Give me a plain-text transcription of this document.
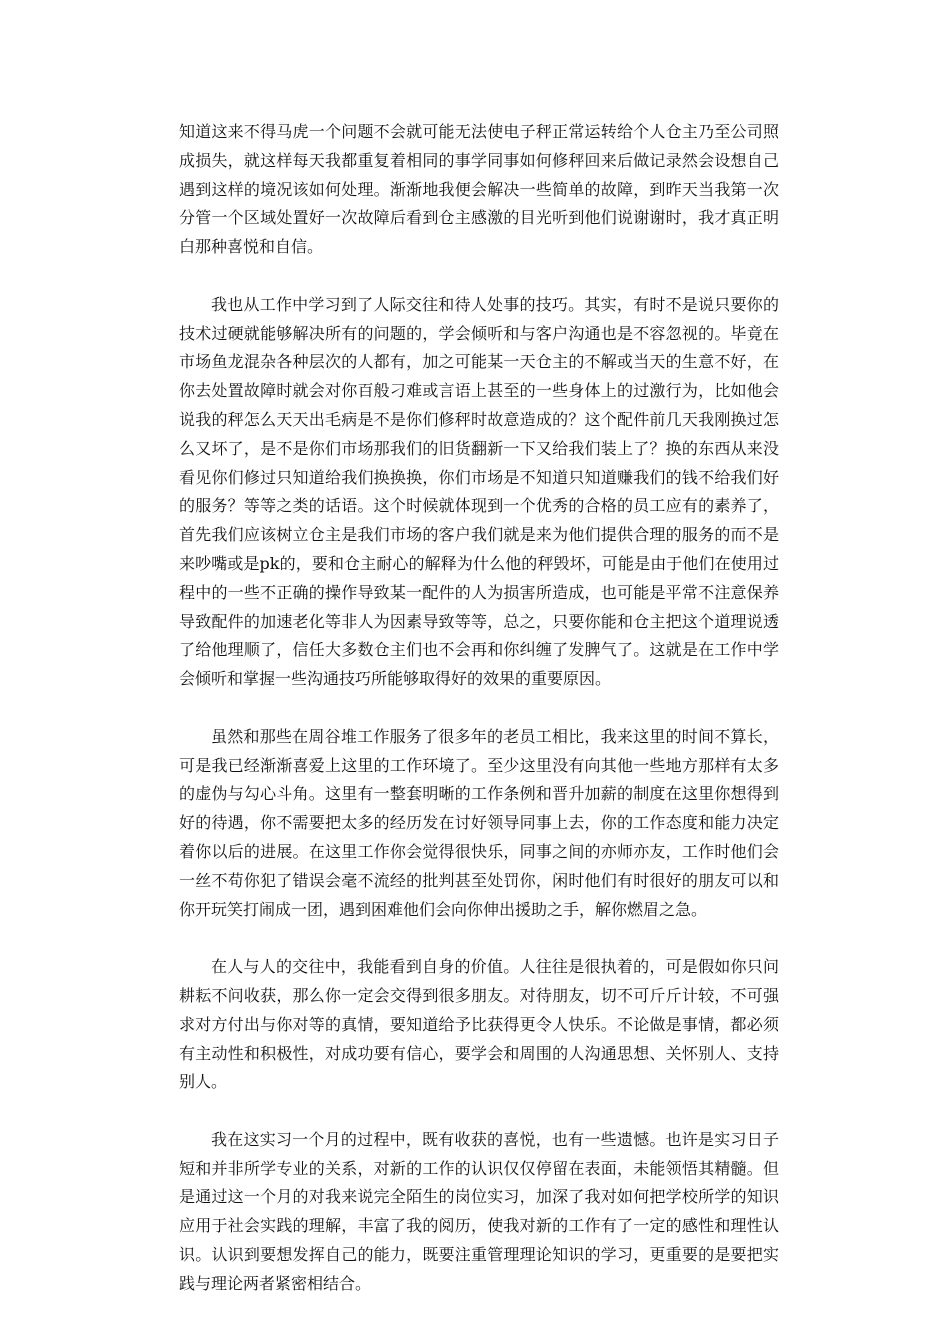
知道这来不得马虎一个问题不会就可能无法使电子秤正常运转给个人仓主乃至公司照成损失，就这样每天我都重复着相同的事学同事如何修秤回来后做记录然会设想自己遇到这样的境况该如何处理。渐渐地我便会解决一些简单的故障，到昨天当我第一次分管一个区域处置好一次故障后看到仓主感激的目光听到他们说谢谢时，我才真正明白那种喜悦和自信。

我也从工作中学习到了人际交往和待人处事的技巧。其实，有时不是说只要你的技术过硬就能够解决所有的问题的，学会倾听和与客户沟通也是不容忽视的。毕竟在市场鱼龙混杂各种层次的人都有，加之可能某一天仓主的不解或当天的生意不好，在你去处置故障时就会对你百般刁难或言语上甚至的一些身体上的过激行为，比如他会说我的秤怎么天天出毛病是不是你们修秤时故意造成的？这个配件前几天我刚换过怎么又坏了，是不是你们市场那我们的旧货翻新一下又给我们装上了？换的东西从来没看见你们修过只知道给我们换换换，你们市场是不知道只知道赚我们的钱不给我们好的服务？等等之类的话语。这个时候就体现到一个优秀的合格的员工应有的素养了，首先我们应该树立仓主是我们市场的客户我们就是来为他们提供合理的服务的而不是来吵嘴或是pk的，要和仓主耐心的解释为什么他的秤毁坏，可能是由于他们在使用过程中的一些不正确的操作导致某一配件的人为损害所造成，也可能是平常不注意保养导致配件的加速老化等非人为因素导致等等，总之，只要你能和仓主把这个道理说透了给他理顺了，信任大多数仓主们也不会再和你纠缠了发脾气了。这就是在工作中学会倾听和掌握一些沟通技巧所能够取得好的效果的重要原因。

虽然和那些在周谷堆工作服务了很多年的老员工相比，我来这里的时间不算长，可是我已经渐渐喜爱上这里的工作环境了。至少这里没有向其他一些地方那样有太多的虚伪与勾心斗角。这里有一整套明晰的工作条例和晋升加薪的制度在这里你想得到好的待遇，你不需要把太多的经历发在讨好领导同事上去，你的工作态度和能力决定着你以后的进展。在这里工作你会觉得很快乐，同事之间的亦师亦友，工作时他们会一丝不苟你犯了错误会毫不流经的批判甚至处罚你，闲时他们有时很好的朋友可以和你开玩笑打闹成一团，遇到困难他们会向你伸出援助之手，解你燃眉之急。

在人与人的交往中，我能看到自身的价值。人往往是很执着的，可是假如你只问耕耘不问收获，那么你一定会交得到很多朋友。对待朋友，切不可斤斤计较，不可强求对方付出与你对等的真情，要知道给予比获得更令人快乐。不论做是事情，都必须有主动性和积极性，对成功要有信心，要学会和周围的人沟通思想、关怀别人、支持别人。

我在这实习一个月的过程中，既有收获的喜悦，也有一些遗憾。也许是实习日子短和并非所学专业的关系，对新的工作的认识仅仅停留在表面，未能领悟其精髓。但是通过这一个月的对我来说完全陌生的岗位实习，加深了我对如何把学校所学的知识应用于社会实践的理解，丰富了我的阅历，使我对新的工作有了一定的感性和理性认识。认识到要想发挥自己的能力，既要注重管理理论知识的学习，更重要的是要把实践与理论两者紧密相结合。
